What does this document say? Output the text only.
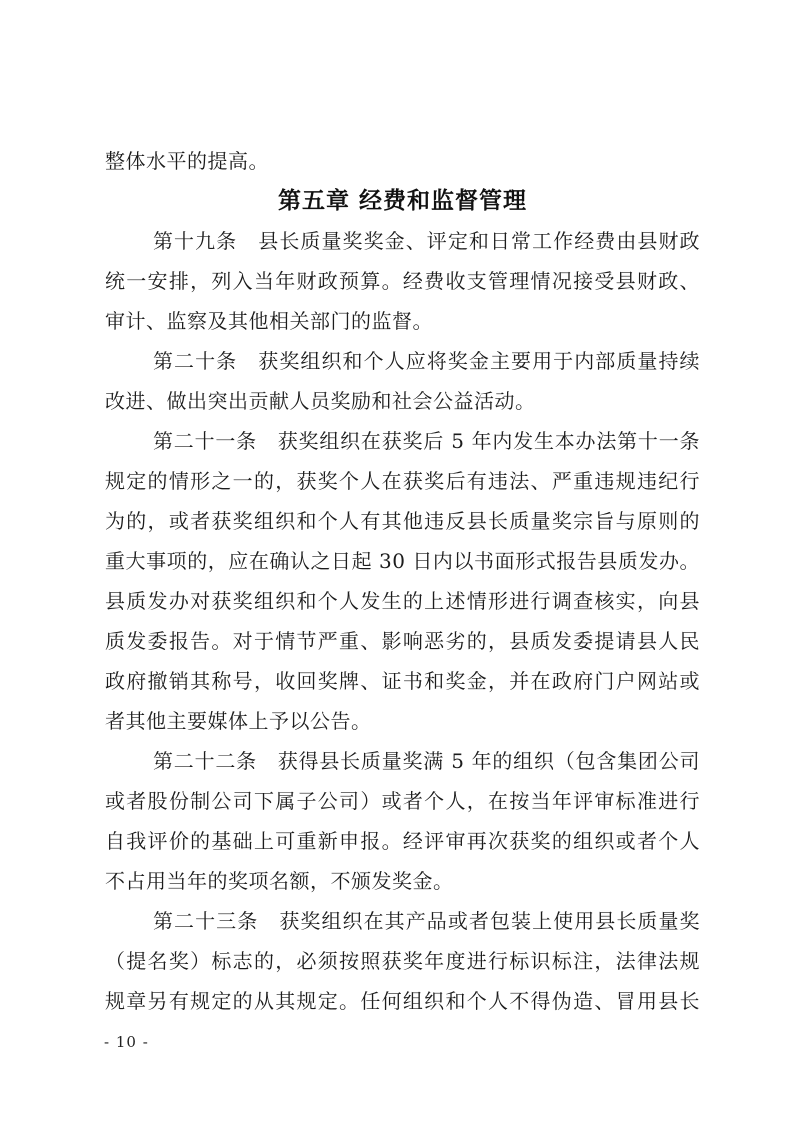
整体水平的提高。
第五章 经费和监督管理
第十九条　县长质量奖奖金、评定和日常工作经费由县财政
统一安排，列入当年财政预算。经费收支管理情况接受县财政、
审计、监察及其他相关部门的监督。
第二十条　获奖组织和个人应将奖金主要用于内部质量持续
改进、做出突出贡献人员奖励和社会公益活动。
第二十一条　获奖组织在获奖后 5 年内发生本办法第十一条
规定的情形之一的，获奖个人在获奖后有违法、严重违规违纪行
为的，或者获奖组织和个人有其他违反县长质量奖宗旨与原则的
重大事项的，应在确认之日起 30 日内以书面形式报告县质发办。
县质发办对获奖组织和个人发生的上述情形进行调查核实，向县
质发委报告。对于情节严重、影响恶劣的，县质发委提请县人民
政府撤销其称号，收回奖牌、证书和奖金，并在政府门户网站或
者其他主要媒体上予以公告。
第二十二条　获得县长质量奖满 5 年的组织（包含集团公司
或者股份制公司下属子公司）或者个人，在按当年评审标准进行
自我评价的基础上可重新申报。经评审再次获奖的组织或者个人
不占用当年的奖项名额，不颁发奖金。
第二十三条　获奖组织在其产品或者包装上使用县长质量奖
（提名奖）标志的，必须按照获奖年度进行标识标注，法律法规
规章另有规定的从其规定。任何组织和个人不得伪造、冒用县长
- 10 -
